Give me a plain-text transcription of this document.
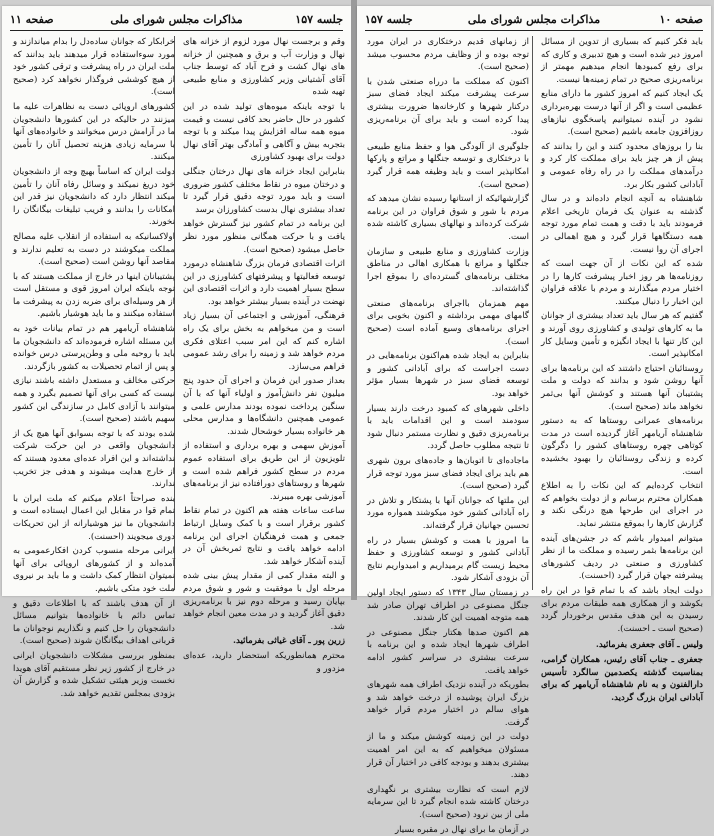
جلسه ۱۵۷
مذاکرات مجلس شورای ملی
صفحه ۱۱

وقم و برجست نهال مورد لزوم از خزانه های نهال و وزارت آب و برق و همچنین از خزانه های نهال کشت و فرح آباد که توسط جناب آقای آشتیانی وزیر کشاورزی و منابع طبیعی تهیه شده

با توجه باینکه میوه‌های تولید شده در این کشور در حال حاضر بحد کافی نیست و قیمت میوه همه ساله افزایش پیدا میکند و با توجه بتجربه بیش و آگاهی و آمادگی بهتر آقای نهال دولت برای بهبود کشاورزی

بنابراین ایجاد خزانه های نهال درختان جنگلی و درختان میوه در نقاط مختلف کشور ضروری است و باید مورد توجه دقیق قرار گیرد تا تعداد بیشتری نهال بدست کشاورزان برسد

این برنامه در تمام کشور نیز گسترش خواهد یافت و با حرکت همگانی منظور مورد نظر حاصل میشود (صحیح است).

اثرات اقتصادی فرمان بزرگ شاهنشاه درمورد توسعه فعالیتها و پیشرفتهای کشاورزی در این سطح بسیار اهمیت دارد و اثرات اقتصادی این نهضت در آینده بسیار بیشتر خواهد بود.

فرهنگی، آموزشی و اجتماعی آن بسیار زیاد است و من میخواهم به بخش برای یک راه اشاره کنم که این امر سبب اعتلای فکری مردم خواهد شد و زمینه را برای رشد عمومی فراهم می‌سازد.

بعداز صدور این فرمان و اجرای آن حدود پنج میلیون نفر دانش‌آموز و اولیاء آنها که با آن سنگین پرداخت نموده بودند مدارس علمی و عمومی همچنین دانشگاه‌ها و مدارس محلی هر خانواده بسیار خوشحال شدند.

آموزش سهمی و بهره برداری و استفاده از تلویزیون از این طریق برای استفاده عموم مردم در سطح کشور فراهم شده است و شهرها و روستاهای دورافتاده نیز از برنامه‌های آموزشی بهره میبرند.

ساعت ساعات هفته هم اکنون در تمام نقاط کشور برقرار است و با کمک وسایل ارتباط جمعی و همت فرهنگیان اجرای این برنامه ادامه خواهد یافت و نتایج ثمربخش آن در آینده آشکار خواهد شد.

و البته مقدار کمی از مقدار پیش بینی شده مرحله اول با موفقیت و شور و شوق مردم بپایان رسید و مرحله دوم نیز با برنامه‌ریزی دقیق آغاز گردید و در مدت معین انجام خواهد شد.

زرین پور ـ آقای غیاثی بفرمائید.

محترم همانطوریکه استحضار دارید، عده‌ای مزدور و

خرابکار که جوانان ساده‌دل را بدام میاندازند و مورد سوءاستفاده قرار میدهند باید بدانند که ملت ایران در راه پیشرفت و ترقی کشور خود از هیچ کوششی فروگذار نخواهد کرد (صحیح است).

کشورهای اروپائی دست به نظاهرات علیه ما میزنند در حالیکه در این کشورها دانشجویان ما در آرامش درس میخوانند و خانواده‌های آنها با سرمایه زیادی هزینه تحصیل آنان را تأمین میکنند.

دولت ایران که اساساً بهیچ وجه از دانشجویان خود دریغ نمیکند و وسائل رفاه آنان را تأمین میکند انتظار دارد که دانشجویان نیز قدر این امکانات را بدانند و فریب تبلیغات بیگانگان را نخورند.

اولاکسانیکه به استفاده از انقلاب علیه مصالح مملکت میکوشند در دست به تعلیم ندارند و مقاصد آنها روشن است (صحیح است).

پشتیبانان اینها در خارج از مملکت هستند که با توجه باینکه ایران امروز قوی و مستقل است از هر وسیله‌ای برای ضربه زدن به پیشرفت ما استفاده میکنند و ما باید هوشیار باشیم.

شاهنشاه آریامهر هم در تمام بیانات خود به این مسئله اشاره فرموده‌اند که دانشجویان ما باید با روحیه ملی و وطن‌پرستی درس خوانده و پس از اتمام تحصیلات به کشور بازگردند.

حرکتی مخالف و مستعدل داشته باشند نیازی نیست که کسی برای آنها تصمیم بگیرد و همه میتوانند با آزادی کامل در سازندگی این کشور سهیم باشند (صحیح است).

شده بودند که با توجه بسوابق آنها هیچ یک از دانشجویان واقعی در این حرکت شرکت نداشته‌اند و این افراد عده‌ای معدود هستند که از خارج هدایت میشوند و هدفی جز تخریب ندارند.

بنده صراحتاً اعلام میکنم که ملت ایران با تمام قوا در مقابل این اعمال ایستاده است و دانشجویان ما نیز هوشیارانه از این تحریکات دوری میجویند (احسنت).

ایرانی مرحله منسوب کردن افکارعمومی به آمده‌اند و از کشورهای اروپائی برای آنها نمیتوان انتظار کمک داشت و ما باید بر نیروی ملت خود متکی باشیم.

از آن هدف باشند که با اطلاعات دقیق و تماس دائم با خانواده‌ها بتوانیم مسائل دانشجویان را حل کنیم و نگذاریم نوجوانان ما قربانی اهداف بیگانگان شوند (صحیح است).

بمنظور بررسی مشکلات دانشجویان ایرانی در خارج از کشور زیر نظر مستقیم آقای هویدا نخست وزیر هیئتی تشکیل شده و گزارش آن بزودی بمجلس تقدیم خواهد شد.

صفحه ۱۰
مذاکرات مجلس شورای ملی
جلسه ۱۵۷

باید فکر کنیم که بسیاری از تدوین از مسائل امروز دیر شده است و هیچ تدبیری و کاری که برای رفع کمبودها انجام میدهیم مهمتر از برنامه‌ریزی صحیح در تمام زمینه‌ها نیست.

یک ایجاد کنیم که امروز کشور ما دارای منابع عظیمی است و اگر از آنها درست بهره‌برداری نشود در آینده نمیتوانیم پاسخگوی نیازهای روزافزون جامعه باشیم (صحیح است).

بنا را بروزهای محدود کنند و این را بدانند که پیش از هر چیز باید برای مملکت کار کرد و درآمدهای مملکت را در راه رفاه عمومی و آبادانی کشور بکار برد.

شاهنشاه به آنچه انجام داده‌اند و در سال گذشته به عنوان یک فرمان تاریخی اعلام فرمودند باید با دقت و همت تمام مورد توجه همه دستگاهها قرار گیرد و هیچ اهمالی در اجرای آن روا نیست.

شده که این نکات از آن جهت است که روزنامه‌ها هر روز اخبار پیشرفت کارها را در اختیار مردم میگذارند و مردم با علاقه فراوان این اخبار را دنبال میکنند.

گفتیم که هر سال باید تعداد بیشتری از جوانان ما به کارهای تولیدی و کشاورزی روی آورند و این کار تنها با ایجاد انگیزه و تأمین وسایل کار امکانپذیر است.

روستائیان احتیاج داشتند که این برنامه‌ها برای آنها روشن شود و بدانند که دولت و ملت پشتیبان آنها هستند و کوشش آنها بی‌ثمر نخواهد ماند (صحیح است).

برنامه‌های عمرانی روستاها که به دستور شاهنشاه آریامهر آغاز گردیده است در مدت کوتاهی چهره روستاهای کشور را دگرگون کرده و زندگی روستائیان را بهبود بخشیده است.

انتخاب کرده‌ایم که این نکات را به اطلاع همکاران محترم برسانم و از دولت بخواهم که در اجرای این طرحها هیچ درنگی نکند و گزارش کارها را بموقع منتشر نماید.

میتوانم امیدوار باشم که در جشن‌های آینده این برنامه‌ها بثمر رسیده و مملکت ما از نظر کشاورزی و صنعتی در ردیف کشورهای پیشرفته جهان قرار گیرد (احسنت).

دولت ایجاد باشد که با تمام قوا در این راه بکوشد و از همکاری همه طبقات مردم برای رسیدن به این هدف مقدس برخوردار گردد (صحیح است ـ احسنت).

ولیس ـ آقای جعفری بفرمائید.

جعفری ـ جناب آقای رئیس، همکاران گرامی، بمناسبت گذشته یکصدمین سالگرد تأسیس دارالفنون و به نام شاهنشاه آریامهر که برای آبادانی ایران بزرگ گردید.

از زمانهای قدیم درختکاری در ایران مورد توجه بوده و از وظایف مردم محسوب میشد (صحیح است).

اکنون که مملکت ما درراه صنعتی شدن با سرعت پیشرفت میکند ایجاد فضای سبز درکنار شهرها و کارخانه‌ها ضرورت بیشتری پیدا کرده است و باید برای آن برنامه‌ریزی شود.

جلوگیری از آلودگی هوا و حفظ منابع طبیعی با درختکاری و توسعه جنگلها و مراتع و پارکها امکانپذیر است و باید وظیفه همه قرار گیرد (صحیح است).

گزارشهائیکه از استانها رسیده نشان میدهد که مردم با شور و شوق فراوان در این برنامه شرکت کرده‌اند و نهالهای بسیاری کاشته شده است.

وزارت کشاورزی و منابع طبیعی و سازمان جنگلها و مراتع با همکاری اهالی در مناطق مختلف برنامه‌های گسترده‌ای را بموقع اجرا گذاشته‌اند.

مهم همزمان بااجرای برنامه‌های صنعتی گامهای مهمی برداشته و اکنون بخوبی برای اجرای برنامه‌های وسیع آماده است (صحیح است).

بنابراین به ایجاد شده هم‌اکنون برنامه‌هایی در دست اجراست که برای آبادانی کشور و توسعه فضای سبز در شهرها بسیار مؤثر خواهد بود.

داخلی شهرهای که کمبود درخت دارند بسیار سودمند است و این اقدامات باید با برنامه‌ریزی دقیق و نظارت مستمر دنبال شود تا نتیجه مطلوب حاصل گردد.

ماجاده‌ای تا اتوبان‌ها و جاده‌های برون شهری هم باید برای ایجاد فضای سبز مورد توجه قرار گیرد (صحیح است).

این ملتها که جوانان آنها با پشتکار و تلاش در راه آبادانی کشور خود میکوشند همواره مورد تحسین جهانیان قرار گرفته‌اند.

ما امروز با همت و کوشش بسیار در راه آبادانی کشور و توسعه کشاورزی و حفظ محیط زیست گام برمیداریم و امیدواریم نتایج آن بزودی آشکار شود.

در زمستان سال ۱۳۴۳ که دستور ایجاد اولین جنگل مصنوعی در اطراف تهران صادر شد همه متوجه اهمیت این کار شدند.

هم اکنون صدها هکتار جنگل مصنوعی در اطراف شهرها ایجاد شده و این برنامه با سرعت بیشتری در سراسر کشور ادامه خواهد یافت.

بطوریکه در آینده نزدیک اطراف همه شهرهای بزرگ ایران پوشیده از درخت خواهد شد و هوای سالم در اختیار مردم قرار خواهد گرفت.

دولت در این زمینه کوشش میکند و ما از مسئولان میخواهیم که به این امر اهمیت بیشتری بدهند و بودجه کافی در اختیار آن قرار دهند.

لازم است که نظارت بیشتری بر نگهداری درختان کاشته شده انجام گیرد تا این سرمایه ملی از بین نرود (صحیح است).

در آزمان ما برای نهال در مقبره بسیار
